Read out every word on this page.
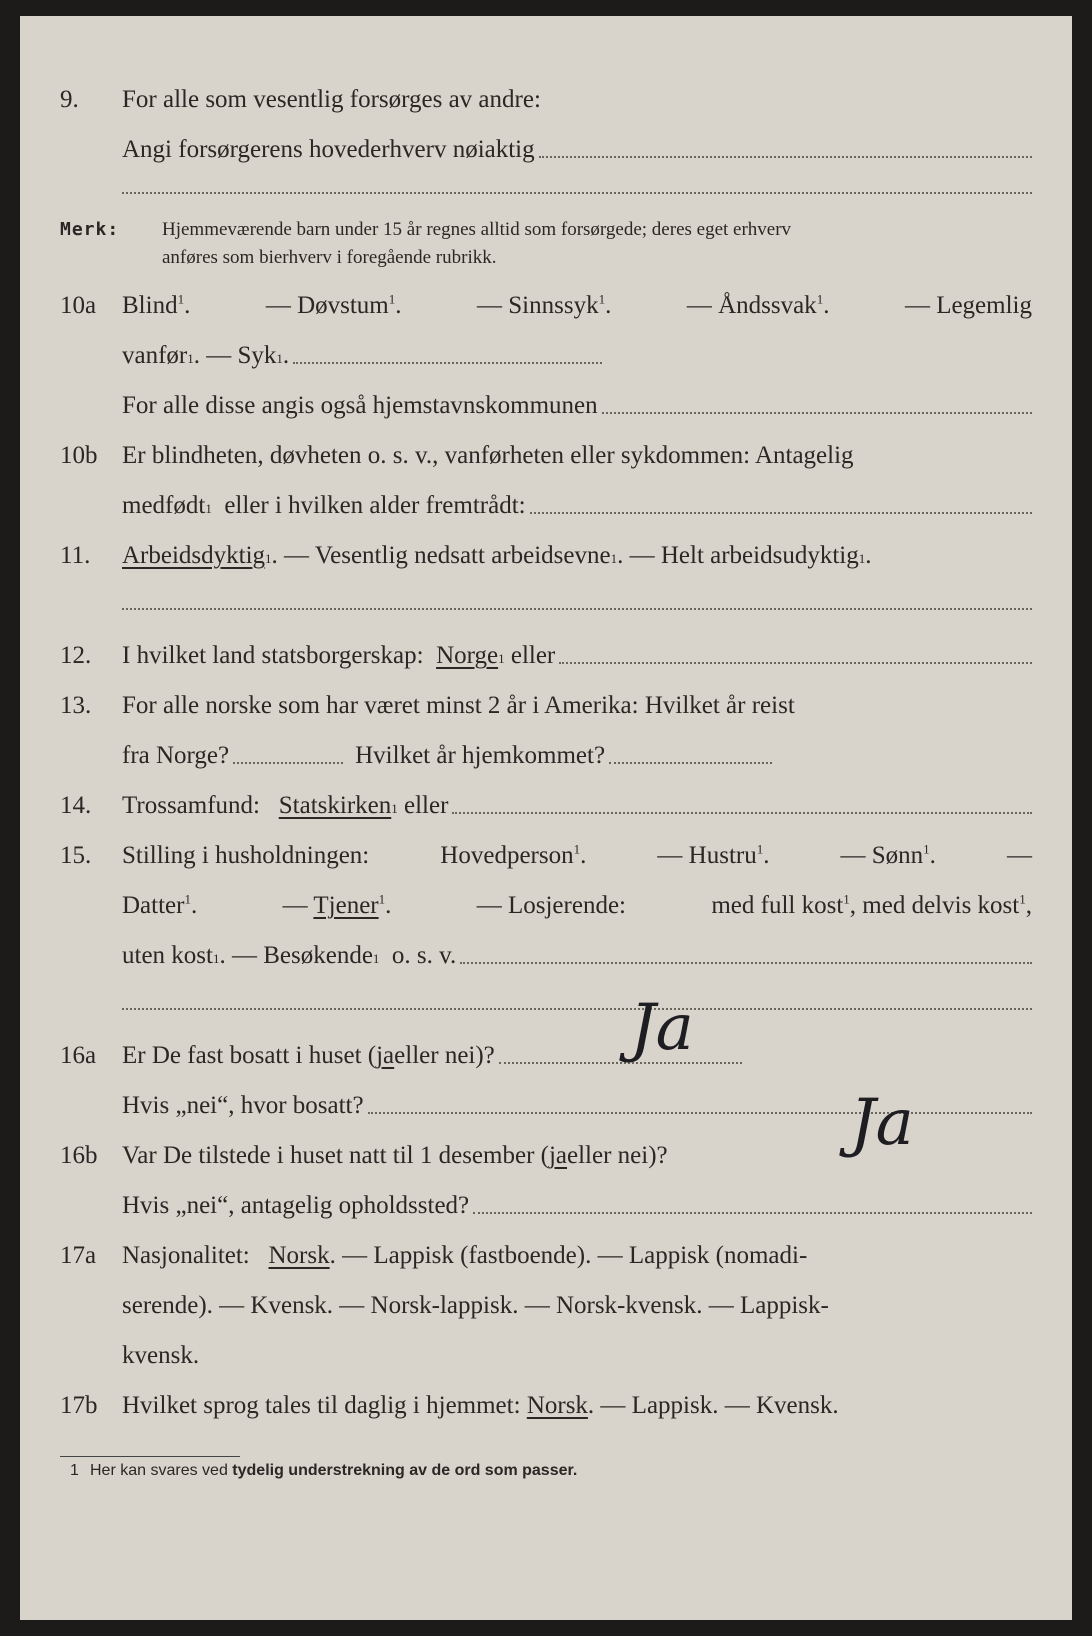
9.	For alle som vesentlig forsørges av andre:
Angi forsørgerens hovederhverv nøiaktig
Merk: Hjemmeværende barn under 15 år regnes alltid som forsørgede; deres eget erhverv
anføres som bierhverv i foregående rubrikk.
10a	Blind$^1$.	— Døvstum$^1$.	— Sinnssyk$^1$.	— Åndssvak$^1$.	— Legemlig
vanfør 1 . — Syk 1 .
For alle disse angis også hjemstavnskommunen
10b Er blindheten, døvheten o. s. v., vanførheten eller sykdommen: Antagelig
medfødt 1
eller i hvilken alder fremtrådt:
11.	Arbeidsdyktig 1 . — Vesentlig nedsatt arbeidsevne 1 . — Helt arbeidsudyktig 1 .
12.	I hvilket land statsborgerskap:
Norge 1
eller
13.	For alle norske som har været minst 2 år i Amerika: Hvilket år reist
fra Norge?	Hvilket år hjemkommet?
14.	Trossamfund:
Statskirken 1
eller
15.	Stilling i husholdningen:	Hovedperson$^1$.	— Hustru$^1$.	— Sønn$^1$.	—
Datter$^1$.	— Tjener$^1$.	— Losjerende:	med full kost$^1$, med delvis kost$^1$,
uten kost 1 . — Besøkende 1
o. s. v.
16a	Er De fast bosatt i huset ( ja eller nei)? Ja
Hvis „nei“, hvor bosatt?
16b Var De tilstede i huset natt til 1 desember ( ja eller nei)?	Ja
Hvis „nei“, antagelig opholdssted?
17a	Nasjonalitet:
Norsk . — Lappisk (fastboende). — Lappisk (nomadi-
serende). — Kvensk. — Norsk-lappisk. — Norsk-kvensk. — Lappisk-
kvensk.
17b Hvilket sprog tales til daglig i hjemmet:
Norsk . — Lappisk. — Kvensk.
1 Her kan svares ved tydelig understrekning av de ord som passer.
